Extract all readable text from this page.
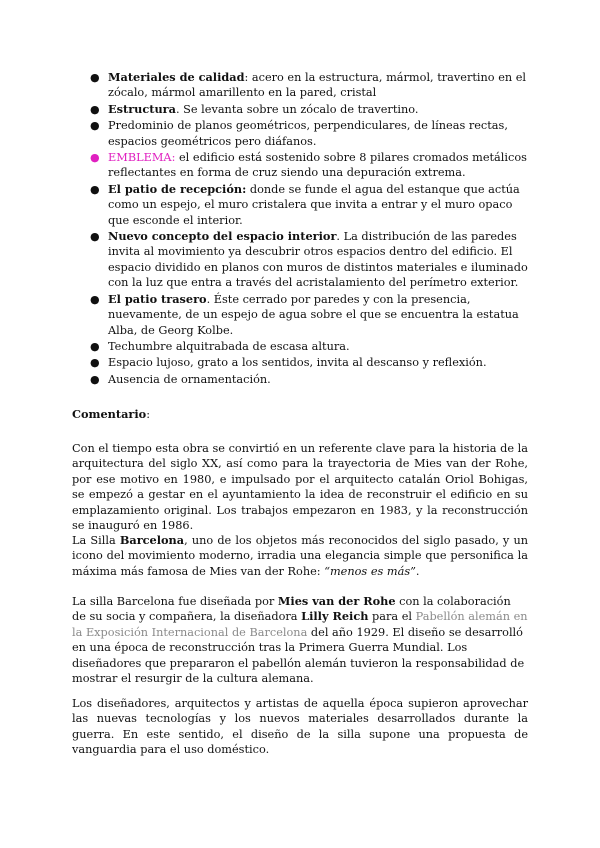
● Materiales de calidad: acero en la estructura, mármol, travertino en el zócalo, mármol amarillento en la pared, cristal
● Estructura. Se levanta sobre un zócalo de travertino.
● Predominio de planos geométricos, perpendiculares, de líneas rectas, espacios geométricos pero diáfanos.
● EMBLEMA: el edificio está sostenido sobre 8 pilares cromados metálicos reflectantes en forma de cruz siendo una depuración extrema.
● El patio de recepción: donde se funde el agua del estanque que actúa como un espejo, el muro cristalera que invita a entrar y el muro opaco que esconde el interior.
● Nuevo concepto del espacio interior. La distribución de las paredes invita al movimiento ya descubrir otros espacios dentro del edificio. El espacio dividido en planos con muros de distintos materiales e iluminado con la luz que entra a través del acristalamiento del perímetro exterior.
● El patio trasero. Éste cerrado por paredes y con la presencia, nuevamente, de un espejo de agua sobre el que se encuentra la estatua Alba, de Georg Kolbe.
● Techumbre alquitrabada de escasa altura.
● Espacio lujoso, grato a los sentidos, invita al descanso y reflexión.
● Ausencia de ornamentación.
Comentario:

Con el tiempo esta obra se convirtió en un referente clave para la historia de la arquitectura del siglo XX, así como para la trayectoria de Mies van der Rohe, por ese motivo en 1980, e impulsado por el arquitecto catalán Oriol Bohigas, se empezó a gestar en el ayuntamiento la idea de reconstruir el edificio en su emplazamiento original. Los trabajos empezaron en 1983, y la reconstrucción se inauguró en 1986.

La Silla Barcelona, uno de los objetos más reconocidos del siglo pasado, y un icono del movimiento moderno, irradia una elegancia simple que personifica la máxima más famosa de Mies van der Rohe: “menos es más”.

La silla Barcelona fue diseñada por Mies van der Rohe con la colaboración de su socia y compañera, la diseñadora Lilly Reich para el Pabellón alemán en la Exposición Internacional de Barcelona del año 1929. El diseño se desarrolló en una época de reconstrucción tras la Primera Guerra Mundial. Los diseñadores que prepararon el pabellón alemán tuvieron la responsabilidad de mostrar el resurgir de la cultura alemana.

Los diseñadores, arquitectos y artistas de aquella época supieron aprovechar las nuevas tecnologías y los nuevos materiales desarrollados durante la guerra. En este sentido, el diseño de la silla supone una propuesta de vanguardia para el uso doméstico.
